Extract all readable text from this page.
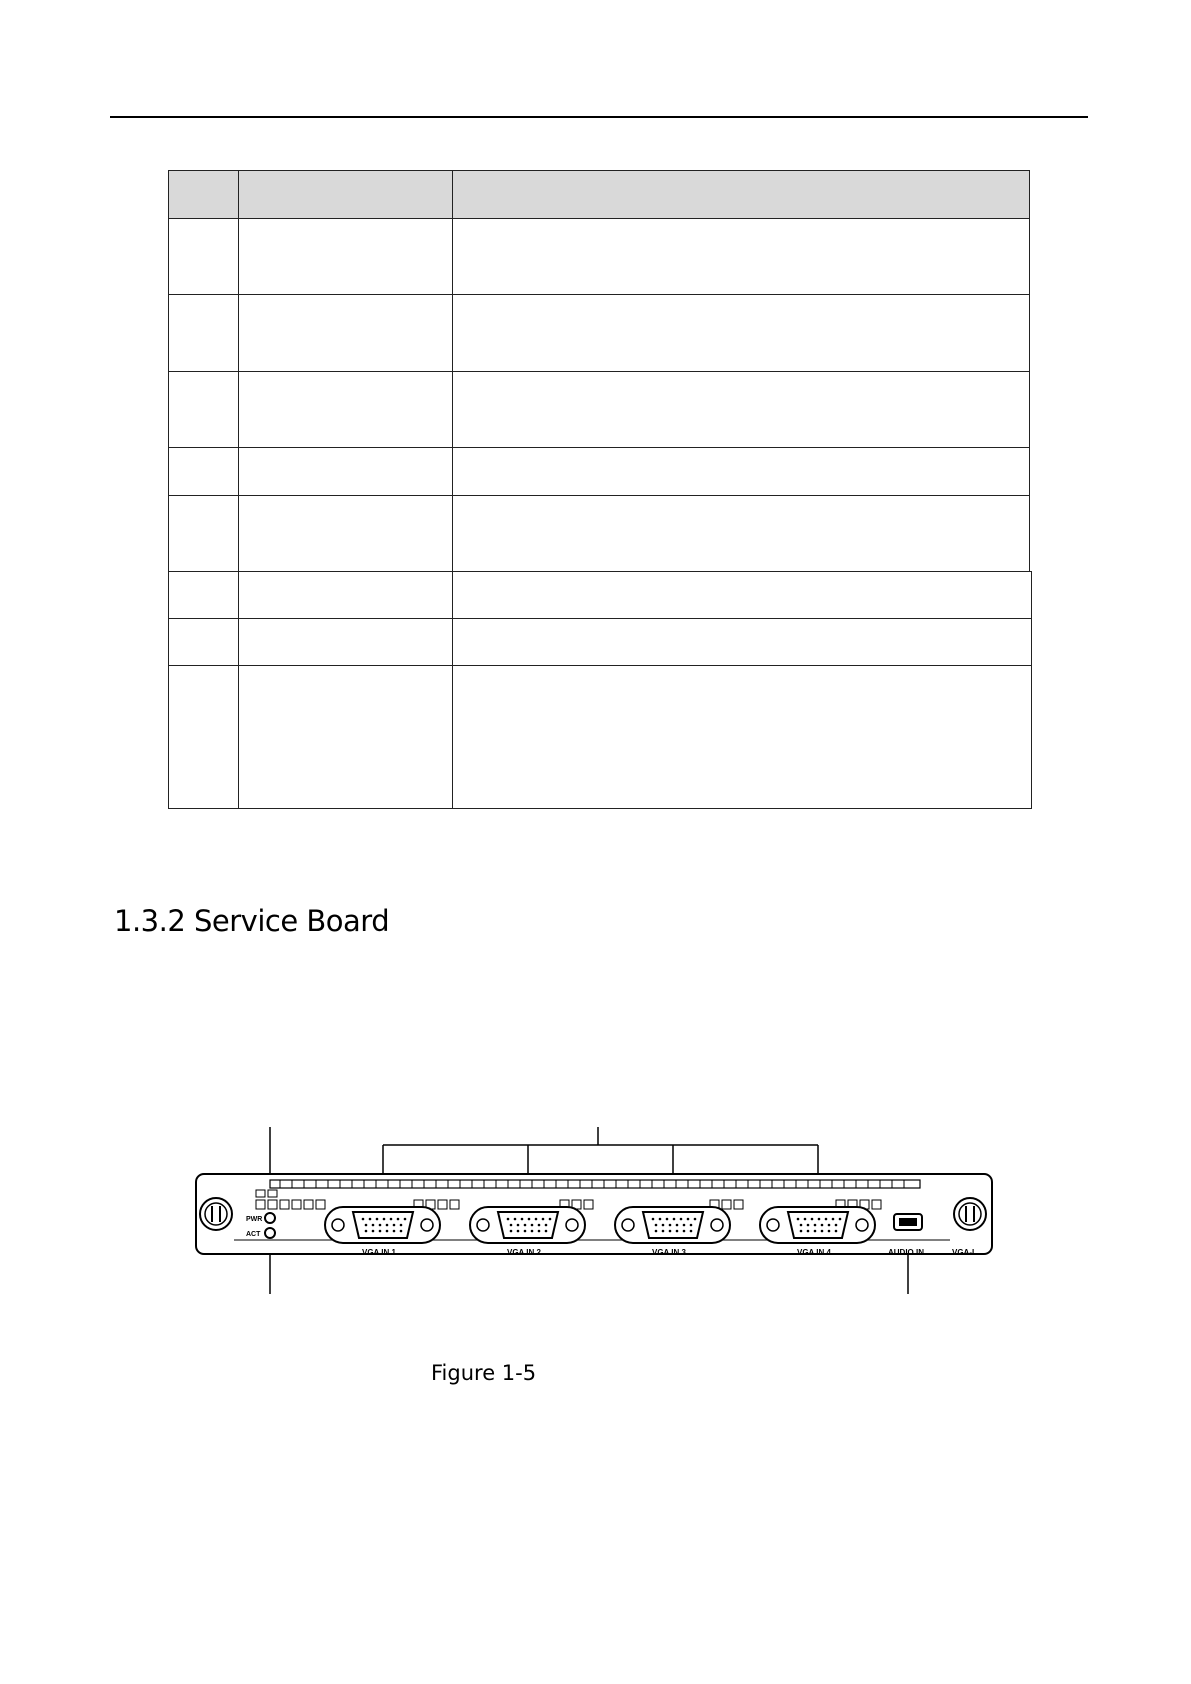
1.3.2 Service Board
PWR
ACT
VGA IN 1	VGA IN 2	VGA IN 3	VGA IN 4	AUDIO IN	VGA-I
Figure 1-5
